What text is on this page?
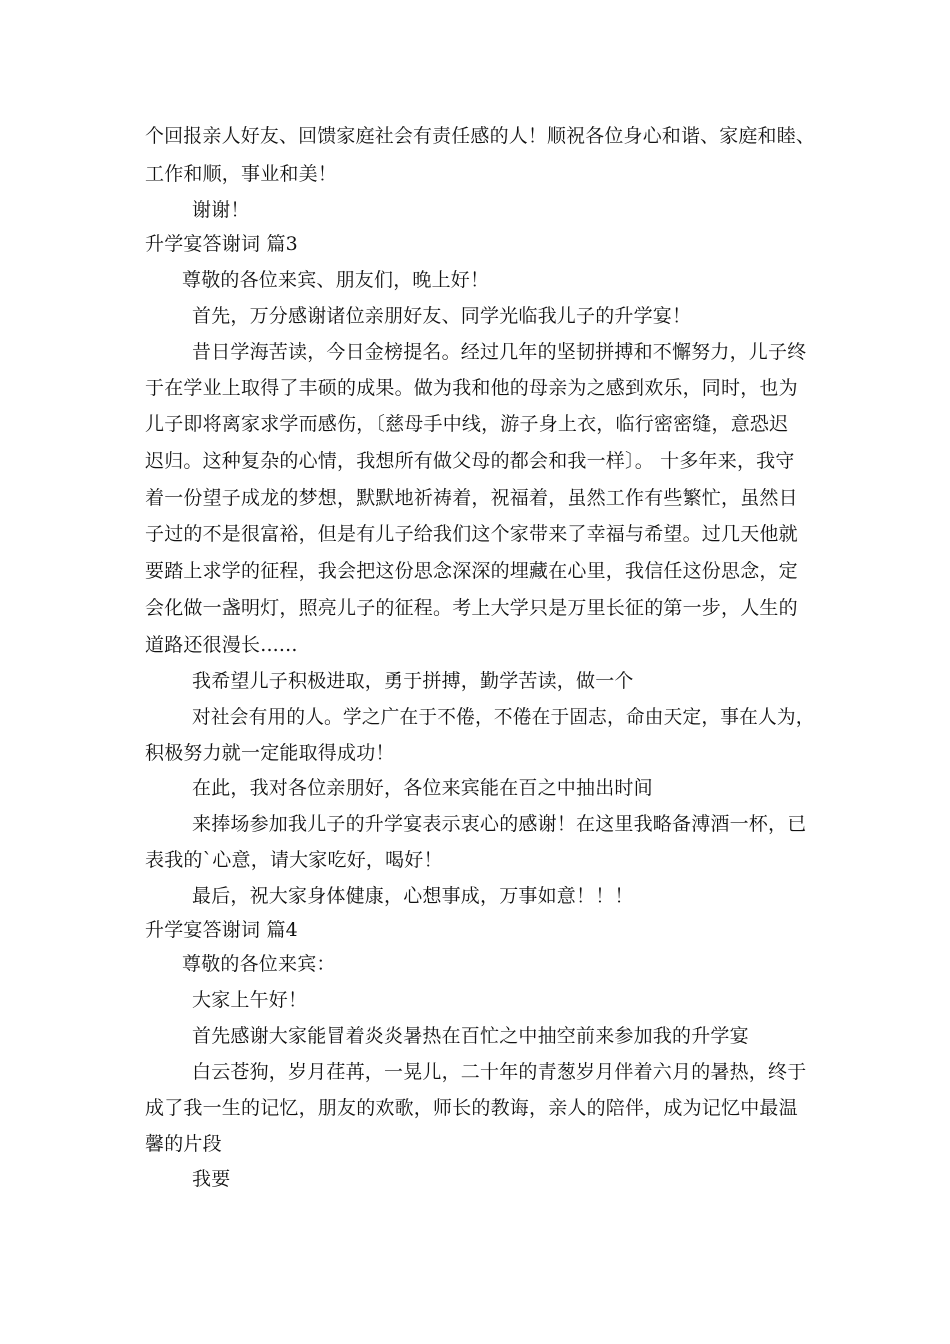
个回报亲人好友、回馈家庭社会有责任感的人！顺祝各位身心和谐、家庭和睦、
工作和顺，事业和美！
谢谢！
升学宴答谢词 篇3
尊敬的各位来宾、朋友们，晚上好！
首先，万分感谢诸位亲朋好友、同学光临我儿子的升学宴！
昔日学海苦读，今日金榜提名。经过几年的坚韧拼搏和不懈努力，儿子终
于在学业上取得了丰硕的成果。做为我和他的母亲为之感到欢乐，同时，也为
儿子即将离家求学而感伤，〔慈母手中线，游子身上衣，临行密密缝，意恐迟
迟归。这种复杂的心情，我想所有做父母的都会和我一样〕。 十多年来，我守
着一份望子成龙的梦想，默默地祈祷着，祝福着，虽然工作有些繁忙，虽然日
子过的不是很富裕，但是有儿子给我们这个家带来了幸福与希望。过几天他就
要踏上求学的征程，我会把这份思念深深的埋藏在心里，我信任这份思念，定
会化做一盏明灯，照亮儿子的征程。考上大学只是万里长征的第一步，人生的
道路还很漫长......
我希望儿子积极进取，勇于拼搏，勤学苦读，做一个
对社会有用的人。学之广在于不倦，不倦在于固志，命由天定，事在人为，
积极努力就一定能取得成功！
在此，我对各位亲朋好，各位来宾能在百之中抽出时间
来捧场参加我儿子的升学宴表示衷心的感谢！在这里我略备溥酒一杯，已
表我的`心意，请大家吃好，喝好！
最后，祝大家身体健康，心想事成，万事如意！！！
升学宴答谢词 篇4
尊敬的各位来宾：
大家上午好！
首先感谢大家能冒着炎炎暑热在百忙之中抽空前来参加我的升学宴
白云苍狗，岁月荏苒，一晃儿，二十年的青葱岁月伴着六月的暑热，终于
成了我一生的记忆，朋友的欢歌，师长的教诲，亲人的陪伴，成为记忆中最温
馨的片段
我要
